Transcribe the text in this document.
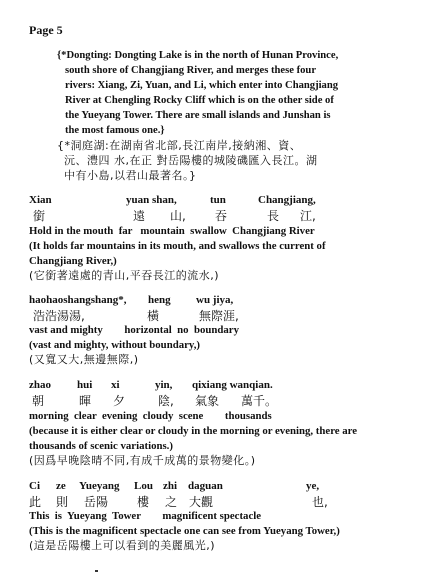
Page 5
{*Dongting: Dongting Lake is in the north of Hunan Province,
south shore of Changjiang River, and merges these four
rivers: Xiang, Zi, Yuan, and Li, which enter into Changjiang
River at Chengling Rocky Cliff which is on the other side of
the Yueyang Tower. There are small islands and Junshan is
the most famous one.}
{*洞庭湖:在湖南省北部,長江南岸,接納湘、資、
沅、澧四 水,在正 對岳陽樓的城陵磯匯入長江。湖
中有小島,以君山最著名。}
Xian	yuan shan,	tun	Changjiang,
銜	遠 山, 吞	長 江,
Hold in the mouth  far   mountain  swallow  Changjiang River
(It holds far mountains in its mouth, and swallows the current of
Changjiang River,)
(它銜著遠處的青山,平吞長江的流水,)
haohaoshangshang*, heng wu jiya,
浩浩湯湯,	橫	無際涯,
vast and mighty        horizontal  no  boundary
(vast and mighty, without boundary,)
(又寬又大,無邊無際,)
zhao hui xi	yin, qixiang wanqian.
朝	暉 夕	陰, 氣象 萬千。
morning  clear  evening  cloudy  scene        thousands
(because it is either clear or cloudy in the morning or evening, there are
thousands of scenic variations.)
(因爲早晚陰晴不同,有成千成萬的景物變化。)
Ci ze Yueyang Lou zhi daguan	ye,
此 則 岳陽 樓 之 大觀	也,
This  is  Yueyang  Tower        magnificent spectacle
(This is the magnificent spectacle one can see from Yueyang Tower,)
(這是岳陽樓上可以看到的美麗風光,)
